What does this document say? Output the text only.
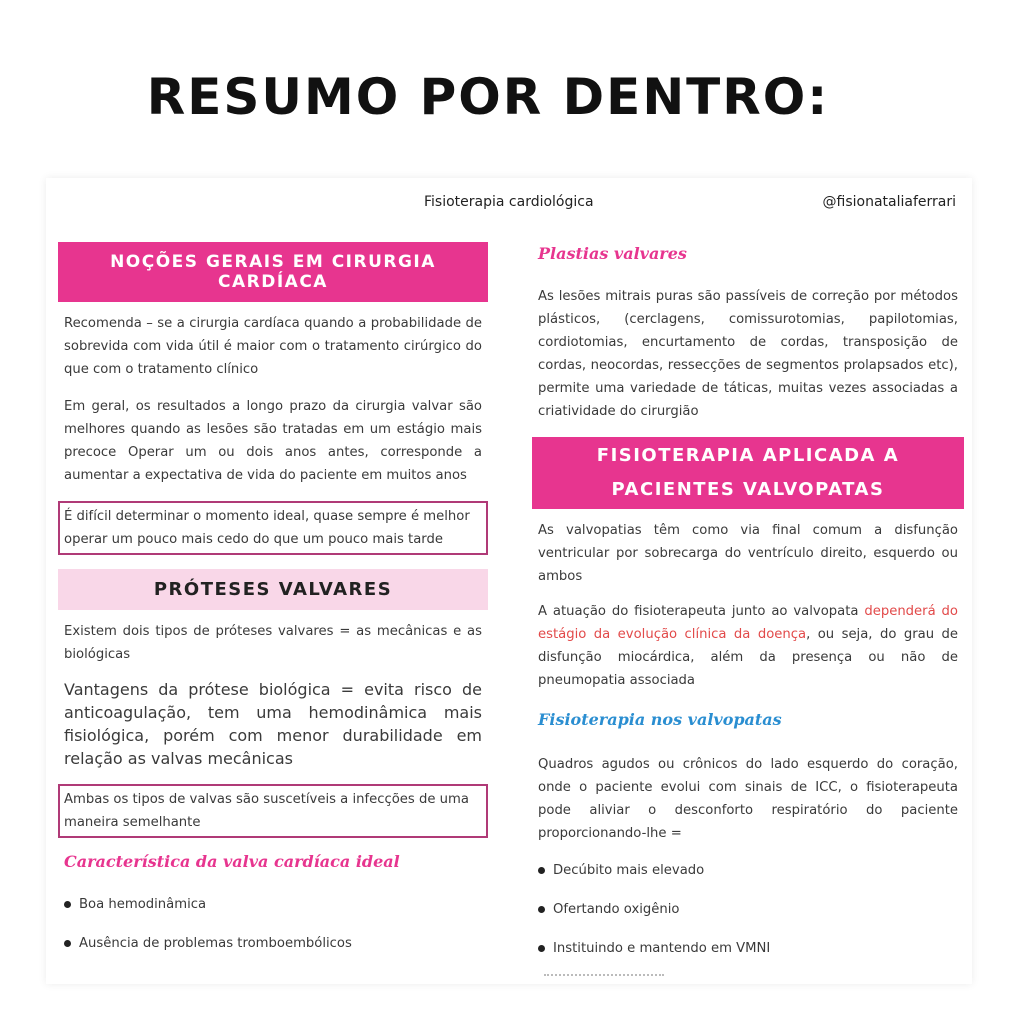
RESUMO POR DENTRO:
Fisioterapia cardiológica	@fisionataliaferrari
NOÇÕES GERAIS EM CIRURGIA CARDÍACA

Recomenda – se a cirurgia cardíaca quando a probabilidade de sobrevida com vida útil é maior com o tratamento cirúrgico do que com o tratamento clínico

Em geral, os resultados a longo prazo da cirurgia valvar são melhores quando as lesões são tratadas em um estágio mais precoce Operar um ou dois anos antes, corresponde a aumentar a expectativa de vida do paciente em muitos anos

É difícil determinar o momento ideal, quase sempre é melhor operar um pouco mais cedo do que um pouco mais tarde
PRÓTESES VALVARES

Existem dois tipos de próteses valvares = as mecânicas e as biológicas

Vantagens da prótese biológica = evita risco de anticoagulação, tem uma hemodinâmica mais fisiológica, porém com menor durabilidade em relação as valvas mecânicas

Ambas os tipos de valvas são suscetíveis a infecções de uma maneira semelhante
Característica da valva cardíaca ideal
Boa hemodinâmica
Ausência de problemas tromboembólicos
Plastias valvares

As lesões mitrais puras são passíveis de correção por métodos plásticos, (cerclagens, comissurotomias, papilotomias, cordiotomias, encurtamento de cordas, transposição de cordas, neocordas, ressecções de segmentos prolapsados etc), permite uma variedade de táticas, muitas vezes associadas a criatividade do cirurgião

FISIOTERAPIA APLICADA A PACIENTES VALVOPATAS

As valvopatias têm como via final comum a disfunção ventricular por sobrecarga do ventrículo direito, esquerdo ou ambos

A atuação do fisioterapeuta junto ao valvopata dependerá do estágio da evolução clínica da doença, ou seja, do grau de disfunção miocárdica, além da presença ou não de pneumopatia associada

Fisioterapia nos valvopatas

Quadros agudos ou crônicos do lado esquerdo do coração, onde o paciente evolui com sinais de ICC, o fisioterapeuta pode aliviar o desconforto respiratório do paciente proporcionando-lhe =

Decúbito mais elevado
Ofertando oxigênio
Instituindo e mantendo em VMNI
